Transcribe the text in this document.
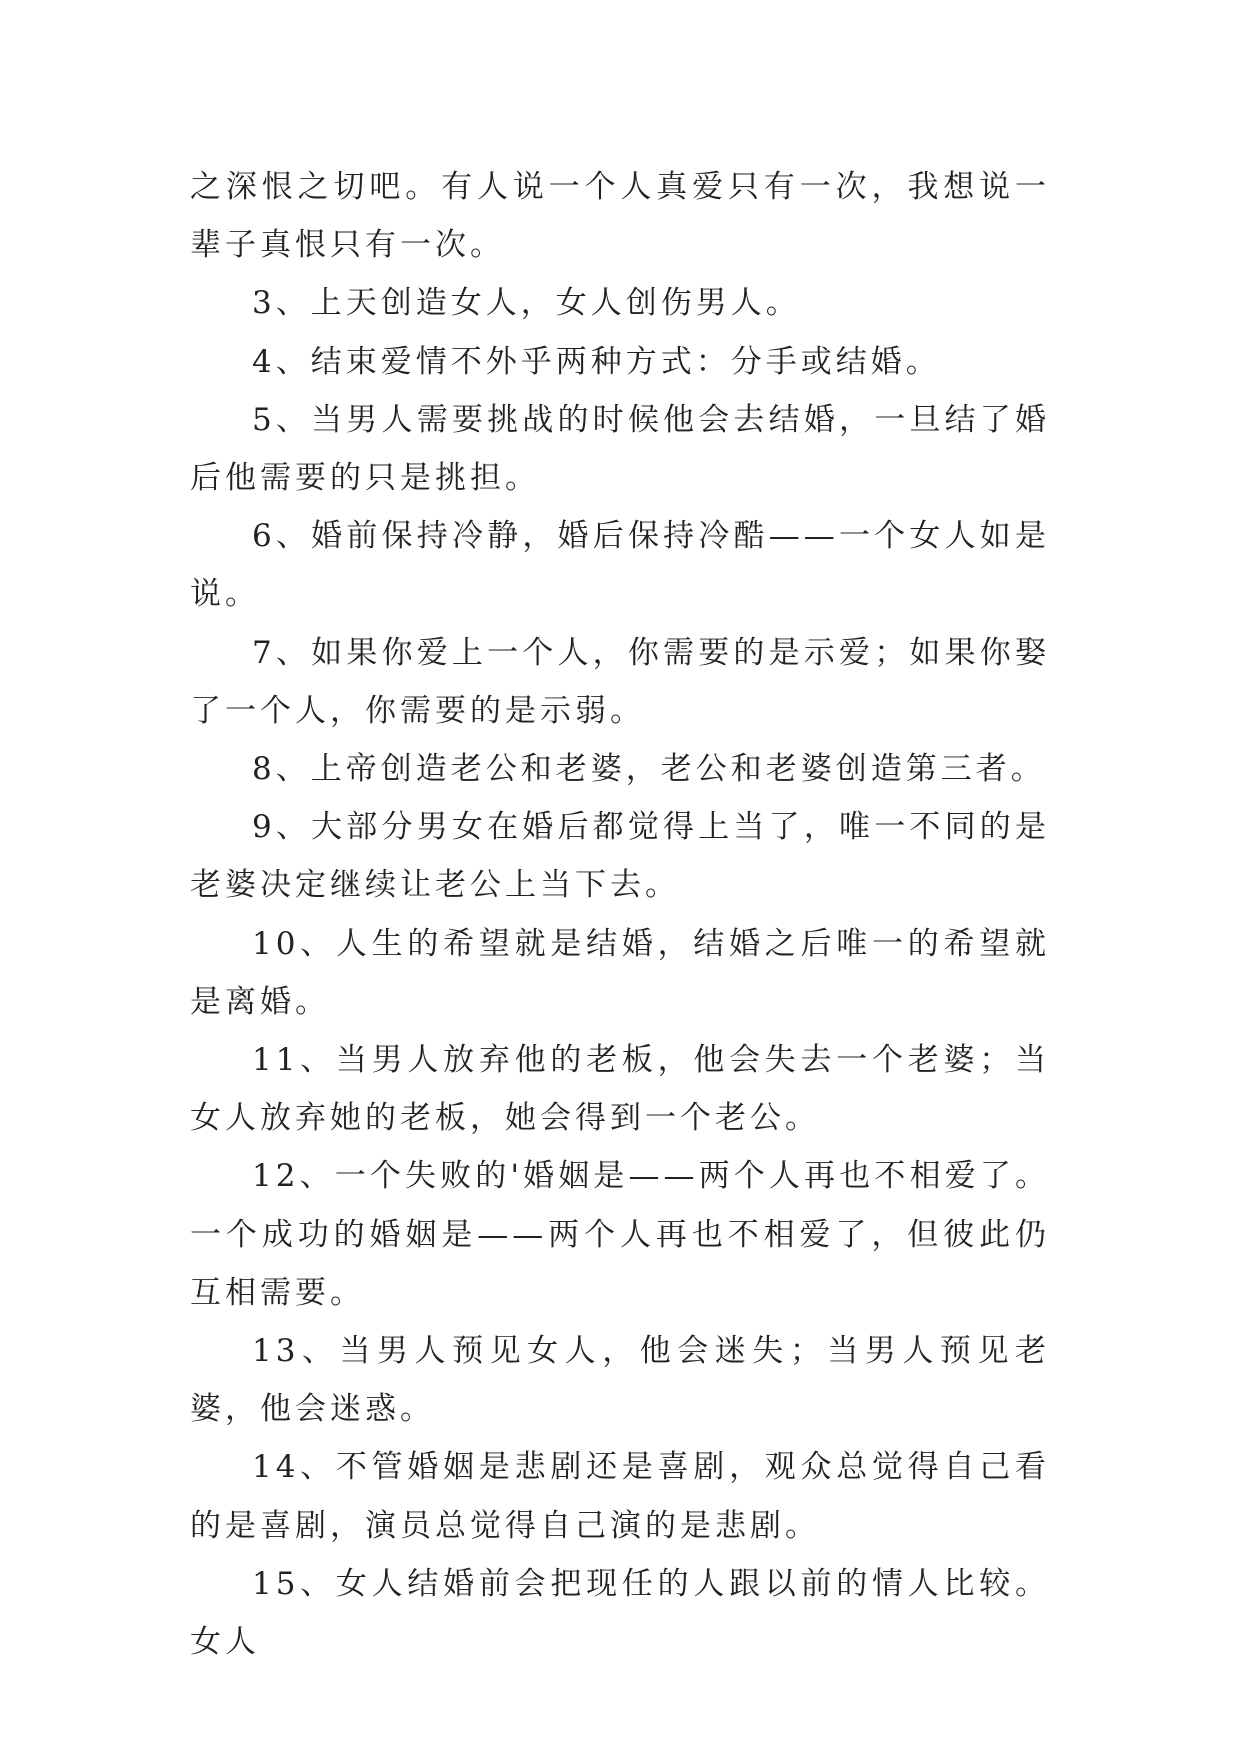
之深恨之切吧。有人说一个人真爱只有一次，我想说一辈子真恨只有一次。

3、上天创造女人，女人创伤男人。

4、结束爱情不外乎两种方式：分手或结婚。

5、当男人需要挑战的时候他会去结婚，一旦结了婚后他需要的只是挑担。

6、婚前保持冷静，婚后保持冷酷——一个女人如是说。

7、如果你爱上一个人，你需要的是示爱；如果你娶了一个人，你需要的是示弱。

8、上帝创造老公和老婆，老公和老婆创造第三者。

9、大部分男女在婚后都觉得上当了，唯一不同的是老婆决定继续让老公上当下去。

10、人生的希望就是结婚，结婚之后唯一的希望就是离婚。

11、当男人放弃他的老板，他会失去一个老婆；当女人放弃她的老板，她会得到一个老公。

12、一个失败的'婚姻是——两个人再也不相爱了。一个成功的婚姻是——两个人再也不相爱了，但彼此仍互相需要。

13、当男人预见女人，他会迷失；当男人预见老婆，他会迷惑。

14、不管婚姻是悲剧还是喜剧，观众总觉得自己看的是喜剧，演员总觉得自己演的是悲剧。

15、女人结婚前会把现任的人跟以前的情人比较。女人
